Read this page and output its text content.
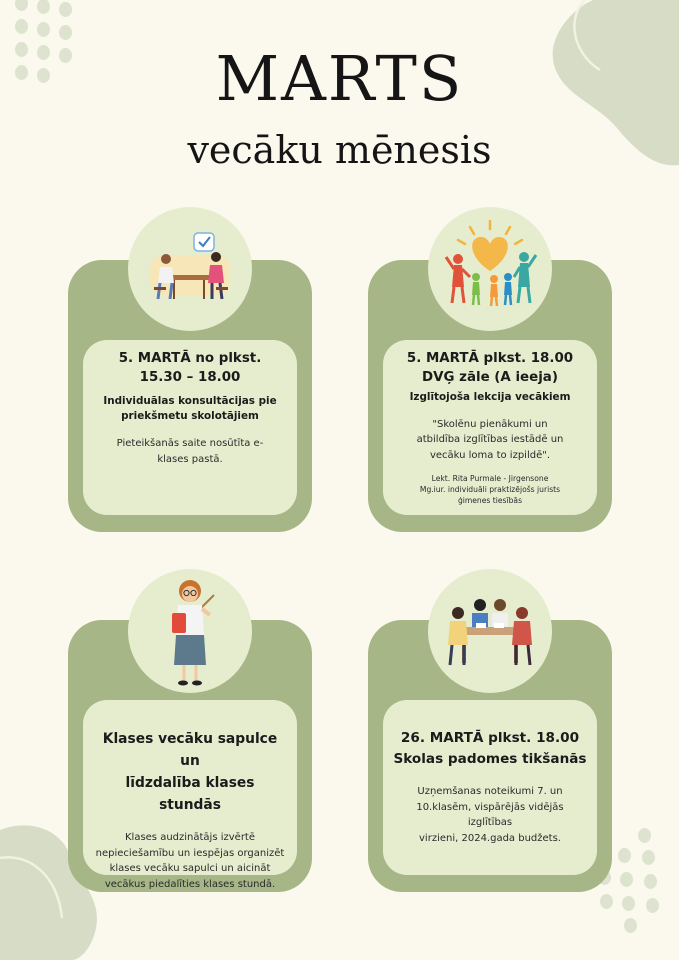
MARTS
vecāku mēnesis
5. MARTĀ no plkst.
15.30 – 18.00
Individuālas konsultācijas pie
priekšmetu skolotājiem
Pieteikšanās saite nosūtīta e-
klases pastā.
5. MARTĀ plkst. 18.00
DVĢ zāle (A ieeja)
Izglītojoša lekcija vecākiem
"Skolēnu pienākumi un
atbildība izglītības iestādē un
vecāku loma to izpildē".
Lekt. Rita Purmale - Jirgensone
Mg.iur. individuāli praktizējošs jurists
ģimenes tiesībās
Klases vecāku sapulce un
līdzdalība klases stundās
Klases audzinātājs izvērtē
nepieciešamību un iespējas organizēt
klases vecāku sapulci un aicināt
vecākus piedalīties klases stundā.
26. MARTĀ plkst. 18.00
Skolas padomes tikšanās
Uzņemšanas noteikumi 7. un
10.klasēm, vispārējās vidējās izglītības
virzieni, 2024.gada budžets.
